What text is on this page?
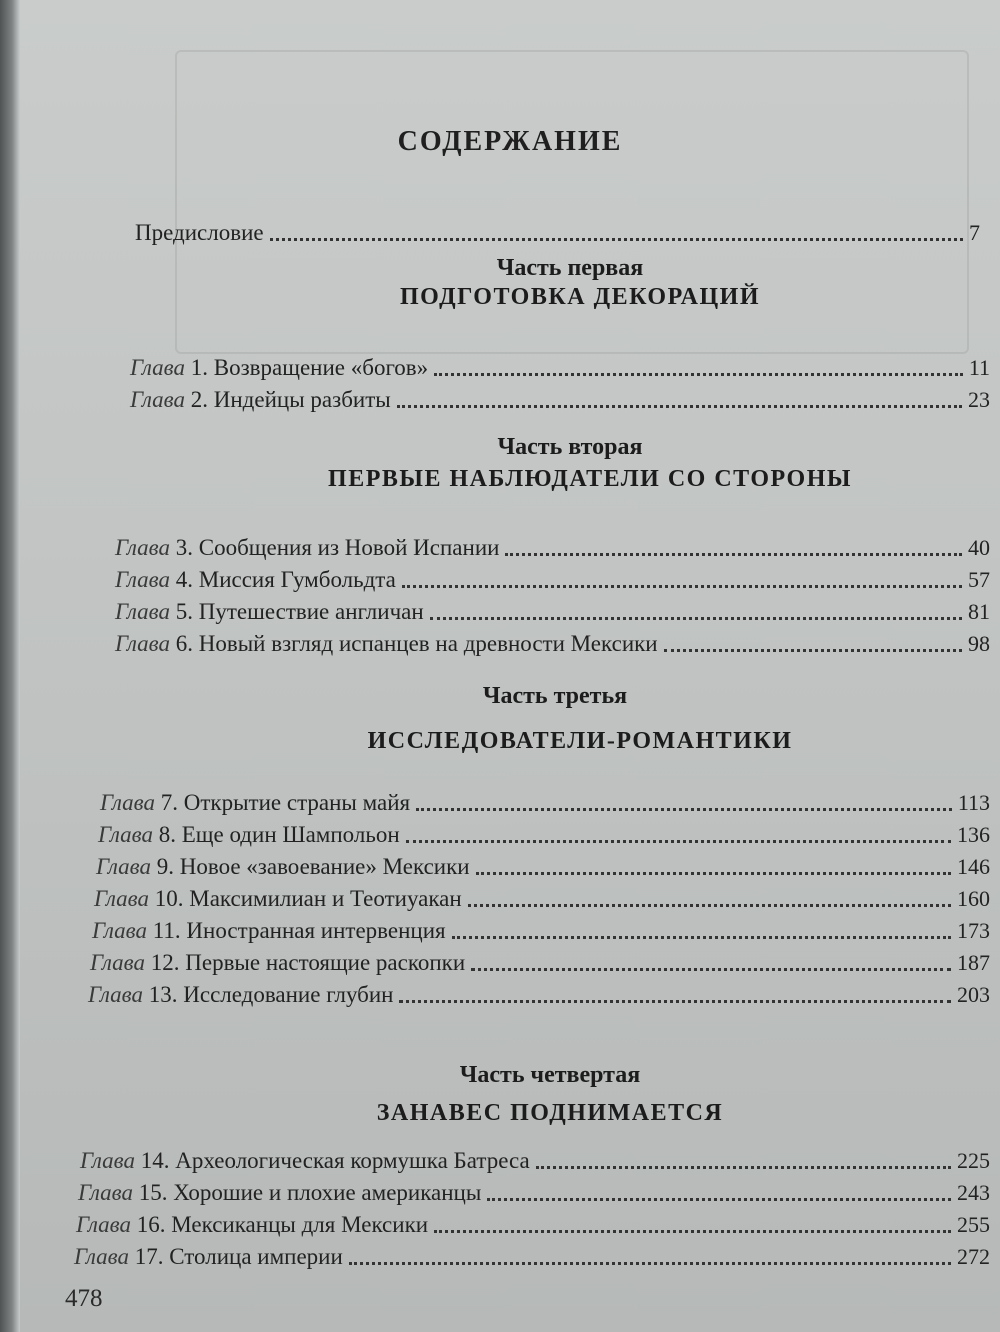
СОДЕРЖАНИЕ
Предисловие	7
Часть первая
ПОДГОТОВКА ДЕКОРАЦИЙ
Глава 1. Возвращение «богов»	11
Глава 2. Индейцы разбиты	23
Часть вторая
ПЕРВЫЕ НАБЛЮДАТЕЛИ СО СТОРОНЫ
Глава 3. Сообщения из Новой Испании	40
Глава 4. Миссия Гумбольдта	57
Глава 5. Путешествие англичан	81
Глава 6. Новый взгляд испанцев на древности Мексики	98
Часть третья
ИССЛЕДОВАТЕЛИ-РОМАНТИКИ
Глава 7. Открытие страны майя	113
Глава 8. Еще один Шампольон	136
Глава 9. Новое «завоевание» Мексики	146
Глава 10. Максимилиан и Теотиуакан	160
Глава 11. Иностранная интервенция	173
Глава 12. Первые настоящие раскопки	187
Глава 13. Исследование глубин	203
Часть четвертая
ЗАНАВЕС ПОДНИМАЕТСЯ
Глава 14. Археологическая кормушка Батреса	225
Глава 15. Хорошие и плохие американцы	243
Глава 16. Мексиканцы для Мексики	255
Глава 17. Столица империи	272
478
